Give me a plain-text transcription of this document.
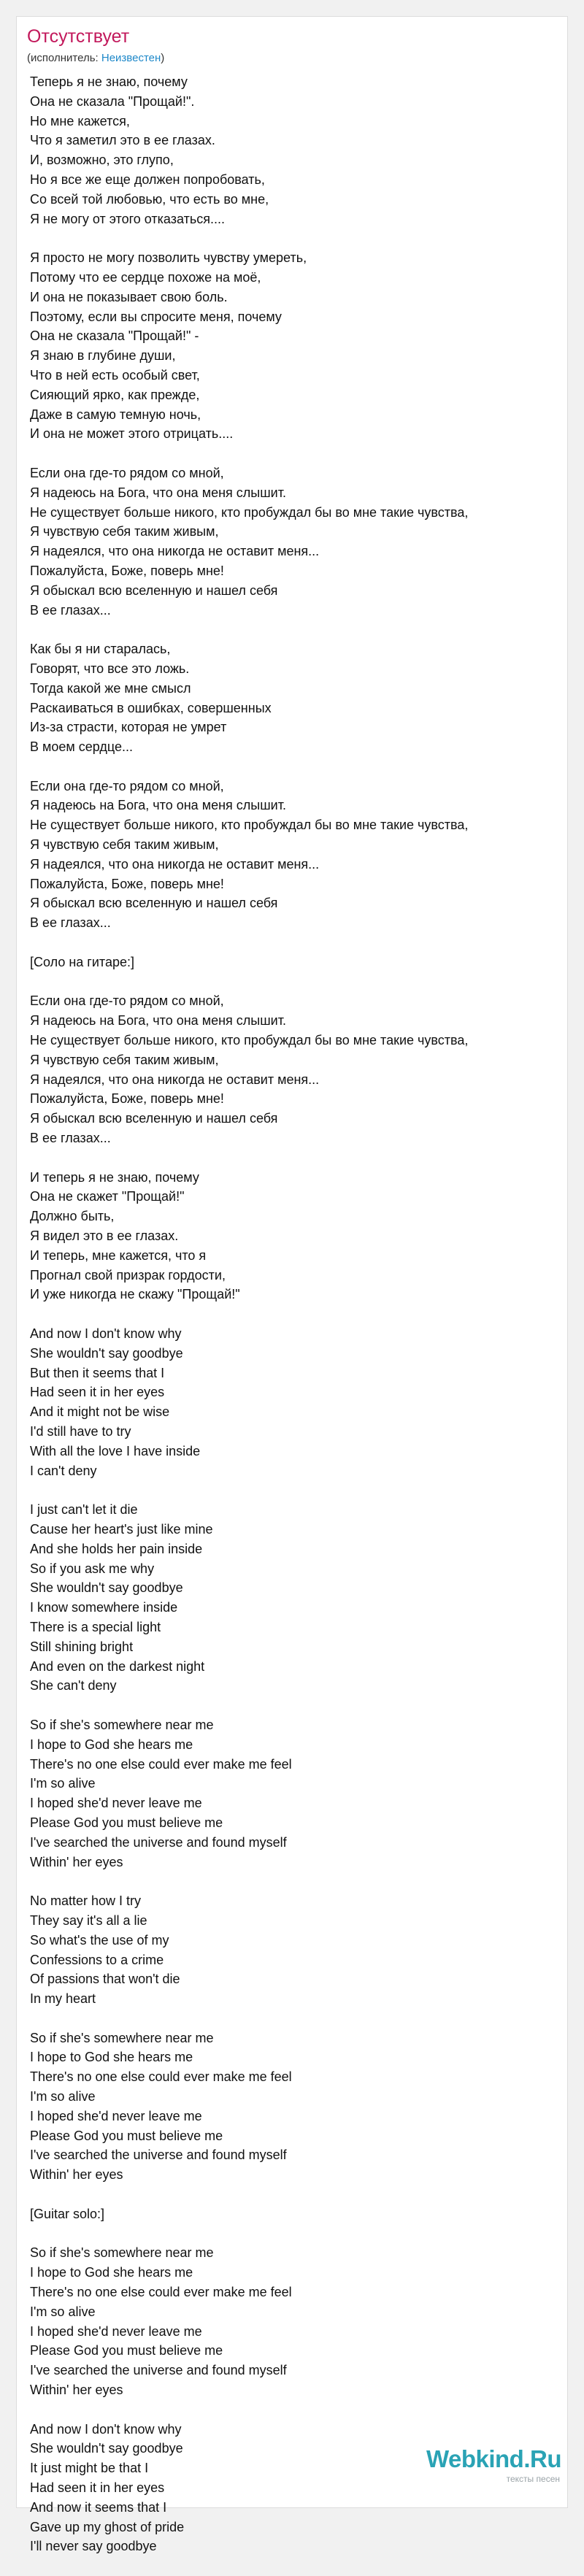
Отсутствует
(исполнитель: Неизвестен)
Теперь я не знаю, почему
Она не сказала "Прощай!".
Но мне кажется,
Что я заметил это в ее глазах.
И, возможно, это глупо,
Но я все же еще должен попробовать,
Со всей той любовью, что есть во мне,
Я не могу от этого отказаться....
Я просто не могу позволить чувству умереть,
Потому что ее сердце похоже на моё,
И она не показывает свою боль.
Поэтому, если вы спросите меня, почему
Она не сказала "Прощай!" -
Я знаю в глубине души,
Что в ней есть особый свет,
Сияющий ярко, как прежде,
Даже в самую темную ночь,
И она не может этого отрицать....
Если она где-то рядом со мной,
Я надеюсь на Бога, что она меня слышит.
Не существует больше никого, кто пробуждал бы во мне такие чувства,
Я чувствую себя таким живым,
Я надеялся, что она никогда не оставит меня...
Пожалуйста, Боже, поверь мне!
Я обыскал всю вселенную и нашел себя
В ее глазах...
Как бы я ни старалась,
Говорят, что все это ложь.
Тогда какой же мне смысл
Раскаиваться в ошибках, совершенных
Из-за страсти, которая не умрет
В моем сердце...
Если она где-то рядом со мной,
Я надеюсь на Бога, что она меня слышит.
Не существует больше никого, кто пробуждал бы во мне такие чувства,
Я чувствую себя таким живым,
Я надеялся, что она никогда не оставит меня...
Пожалуйста, Боже, поверь мне!
Я обыскал всю вселенную и нашел себя
В ее глазах...
[Соло на гитаре:]
Если она где-то рядом со мной,
Я надеюсь на Бога, что она меня слышит.
Не существует больше никого, кто пробуждал бы во мне такие чувства,
Я чувствую себя таким живым,
Я надеялся, что она никогда не оставит меня...
Пожалуйста, Боже, поверь мне!
Я обыскал всю вселенную и нашел себя
В ее глазах...
И теперь я не знаю, почему
Она не скажет "Прощай!"
Должно быть,
Я видел это в ее глазах.
И теперь, мне кажется, что я
Прогнал свой призрак гордости,
И уже никогда не скажу "Прощай!"
And now I don't know why
She wouldn't say goodbye
But then it seems that I
Had seen it in her eyes
And it might not be wise
I'd still have to try
With all the love I have inside
I can't deny
I just can't let it die
Cause her heart's just like mine
And she holds her pain inside
So if you ask me why
She wouldn't say goodbye
I know somewhere inside
There is a special light
Still shining bright
And even on the darkest night
She can't deny
So if she's somewhere near me
I hope to God she hears me
There's no one else could ever make me feel
I'm so alive
I hoped she'd never leave me
Please God you must believe me
I've searched the universe and found myself
Within' her eyes
No matter how I try
They say it's all a lie
So what's the use of my
Confessions to a crime
Of passions that won't die
In my heart
So if she's somewhere near me
I hope to God she hears me
There's no one else could ever make me feel
I'm so alive
I hoped she'd never leave me
Please God you must believe me
I've searched the universe and found myself
Within' her eyes
[Guitar solo:]
So if she's somewhere near me
I hope to God she hears me
There's no one else could ever make me feel
I'm so alive
I hoped she'd never leave me
Please God you must believe me
I've searched the universe and found myself
Within' her eyes
And now I don't know why
She wouldn't say goodbye
It just might be that I
Had seen it in her eyes
And now it seems that I
Gave up my ghost of pride
I'll never say goodbye
Webkind.Ru
тексты песен
